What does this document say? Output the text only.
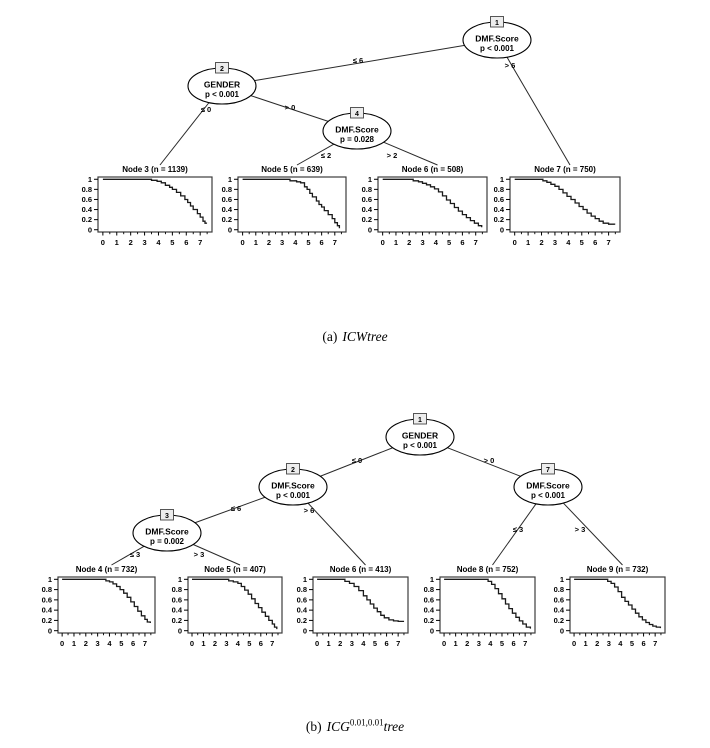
≤ 6
> 6
≤ 0	> 0
≤ 2	> 2
DMF.Score
p < 0.001
1
GENDER
p < 0.001
2
DMF.Score
p = 0.028
4
Node 3 (n = 1139)
0
0.2
0.4
0.6
0.8
1
0 1 2 3 4 5 6 7
Node 5 (n = 639)
0
0.2
0.4
0.6
0.8
1
0 1 2 3 4 5 6 7
Node 6 (n = 508)
0
0.2
0.4
0.6
0.8
1
0 1 2 3 4 5 6 7
Node 7 (n = 750)
0
0.2
0.4
0.6
0.8
1
0 1 2 3 4 5 6 7
≤ 0	> 0
≤ 6	> 6
≤ 3	> 3
≤ 3	> 3
GENDER
p < 0.001
1
DMF.Score
p < 0.001
2
DMF.Score
p < 0.001
7
DMF.Score
p = 0.002
3
Node 4 (n = 732)
0
0.2
0.4
0.6
0.8
1
0 1 2 3 4 5 6 7
Node 5 (n = 407)
0
0.2
0.4
0.6
0.8
1
0 1 2 3 4 5 6 7
Node 6 (n = 413)
0
0.2
0.4
0.6
0.8
1
0 1 2 3 4 5 6 7
Node 8 (n = 752)
0
0.2
0.4
0.6
0.8
1
0 1 2 3 4 5 6 7
Node 9 (n = 732)
0
0.2
0.4
0.6
0.8
1
0 1 2 3 4 5 6 7
(a) ICWtree
(b) $ICG^{0.01,0.01}tree$
